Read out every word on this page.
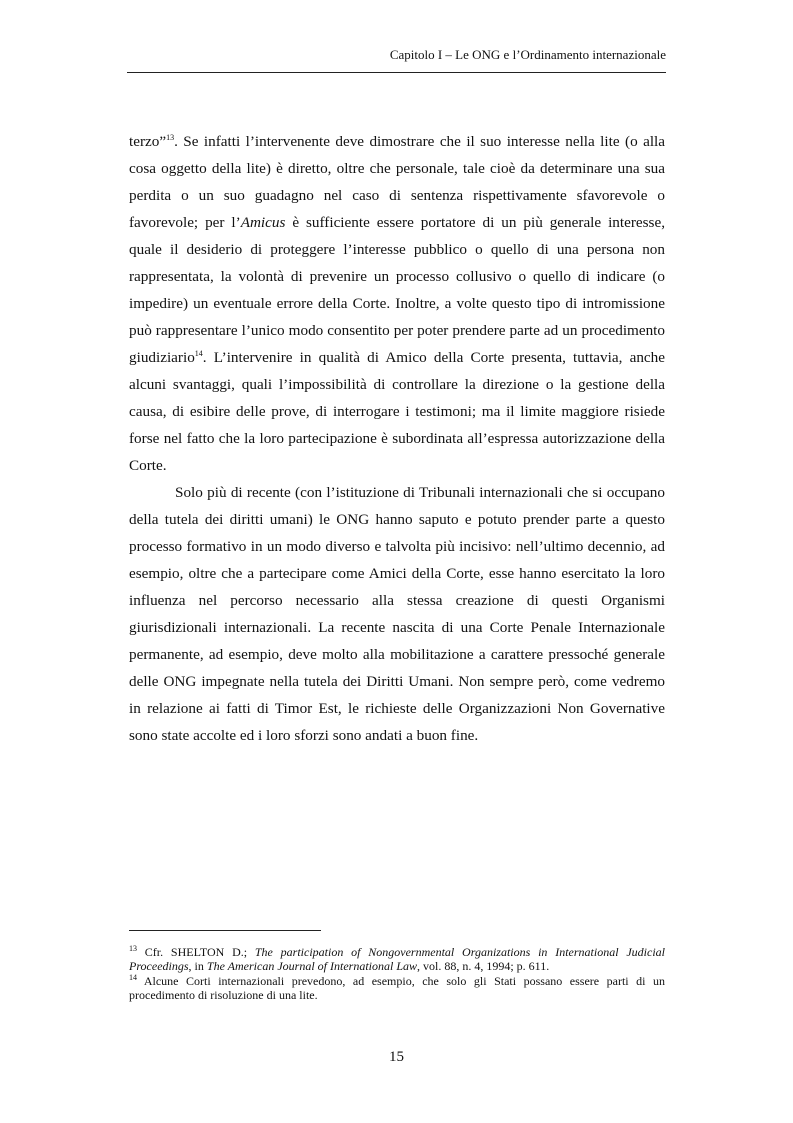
Capitolo I – Le ONG e l’Ordinamento internazionale

terzo”$^{13}$. Se infatti l’intervenente deve dimostrare che il suo interesse nella lite (o alla cosa oggetto della lite) è diretto, oltre che personale, tale cioè da determinare una sua perdita o un suo guadagno nel caso di sentenza rispettivamente sfavorevole o favorevole; per l’Amicus è sufficiente essere portatore di un più generale interesse, quale il desiderio di proteggere l’interesse pubblico o quello di una persona non rappresentata, la volontà di prevenire un processo collusivo o quello di indicare (o impedire) un eventuale errore della Corte. Inoltre, a volte questo tipo di intromissione può rappresentare l’unico modo consentito per poter prendere parte ad un procedimento giudiziario$^{14}$. L’intervenire in qualità di Amico della Corte presenta, tuttavia, anche alcuni svantaggi, quali l’impossibilità di controllare la direzione o la gestione della causa, di esibire delle prove, di interrogare i testimoni; ma il limite maggiore risiede forse nel fatto che la loro partecipazione è subordinata all’espressa autorizzazione della Corte.

Solo più di recente (con l’istituzione di Tribunali internazionali che si occupano della tutela dei diritti umani) le ONG hanno saputo e potuto prender parte a questo processo formativo in un modo diverso e talvolta più incisivo: nell’ultimo decennio, ad esempio, oltre che a partecipare come Amici della Corte, esse hanno esercitato la loro influenza nel percorso necessario alla stessa creazione di questi Organismi giurisdizionali internazionali. La recente nascita di una Corte Penale Internazionale permanente, ad esempio, deve molto alla mobilitazione a carattere pressoché generale delle ONG impegnate nella tutela dei Diritti Umani. Non sempre però, come vedremo in relazione ai fatti di Timor Est, le richieste delle Organizzazioni Non Governative sono state accolte ed i loro sforzi sono andati a buon fine.

$^{13}$ Cfr. SHELTON D.; The participation of Nongovernmental Organizations in International Judicial Proceedings, in The American Journal of International Law, vol. 88, n. 4, 1994; p. 611.

$^{14}$ Alcune Corti internazionali prevedono, ad esempio, che solo gli Stati possano essere parti di un procedimento di risoluzione di una lite.

15
